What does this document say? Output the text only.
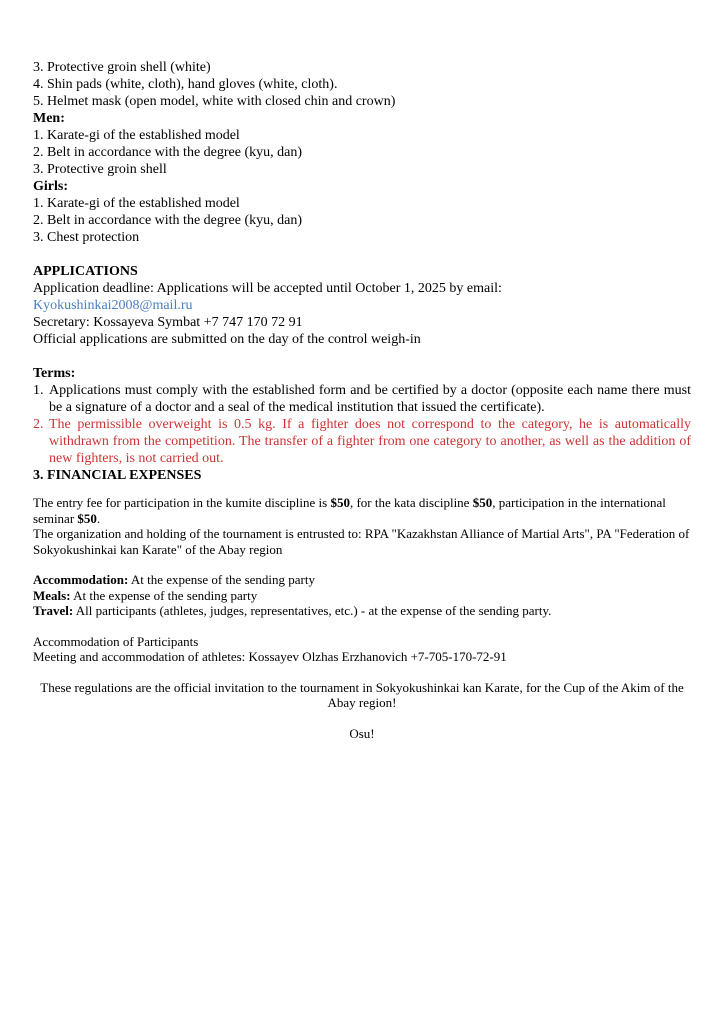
3. Protective groin shell (white)
4. Shin pads (white, cloth), hand gloves (white, cloth).
5. Helmet mask (open model, white with closed chin and crown)
Men:
1. Karate-gi of the established model
2. Belt in accordance with the degree (kyu, dan)
3. Protective groin shell
Girls:
1. Karate-gi of the established model
2. Belt in accordance with the degree (kyu, dan)
3. Chest protection
APPLICATIONS
Application deadline: Applications will be accepted until October 1, 2025 by email:
Kyokushinkai2008@mail.ru
Secretary: Kossayeva Symbat +7 747 170 72 91
Official applications are submitted on the day of the control weigh-in
Terms:
1. Applications must comply with the established form and be certified by a doctor (opposite each name there must be a signature of a doctor and a seal of the medical institution that issued the certificate).
2. The permissible overweight is 0.5 kg. If a fighter does not correspond to the category, he is automatically withdrawn from the competition. The transfer of a fighter from one category to another, as well as the addition of new fighters, is not carried out.
3. FINANCIAL EXPENSES
The entry fee for participation in the kumite discipline is $50, for the kata discipline $50, participation in the international seminar $50.
The organization and holding of the tournament is entrusted to: RPA "Kazakhstan Alliance of Martial Arts", PA "Federation of Sokyokushinkai kan Karate" of the Abay region
Accommodation: At the expense of the sending party
Meals: At the expense of the sending party
Travel: All participants (athletes, judges, representatives, etc.) - at the expense of the sending party.
Accommodation of Participants
Meeting and accommodation of athletes: Kossayev Olzhas Erzhanovich +7-705-170-72-91
These regulations are the official invitation to the tournament in Sokyokushinkai kan Karate, for the Cup of the Akim of the Abay region!
Osu!
